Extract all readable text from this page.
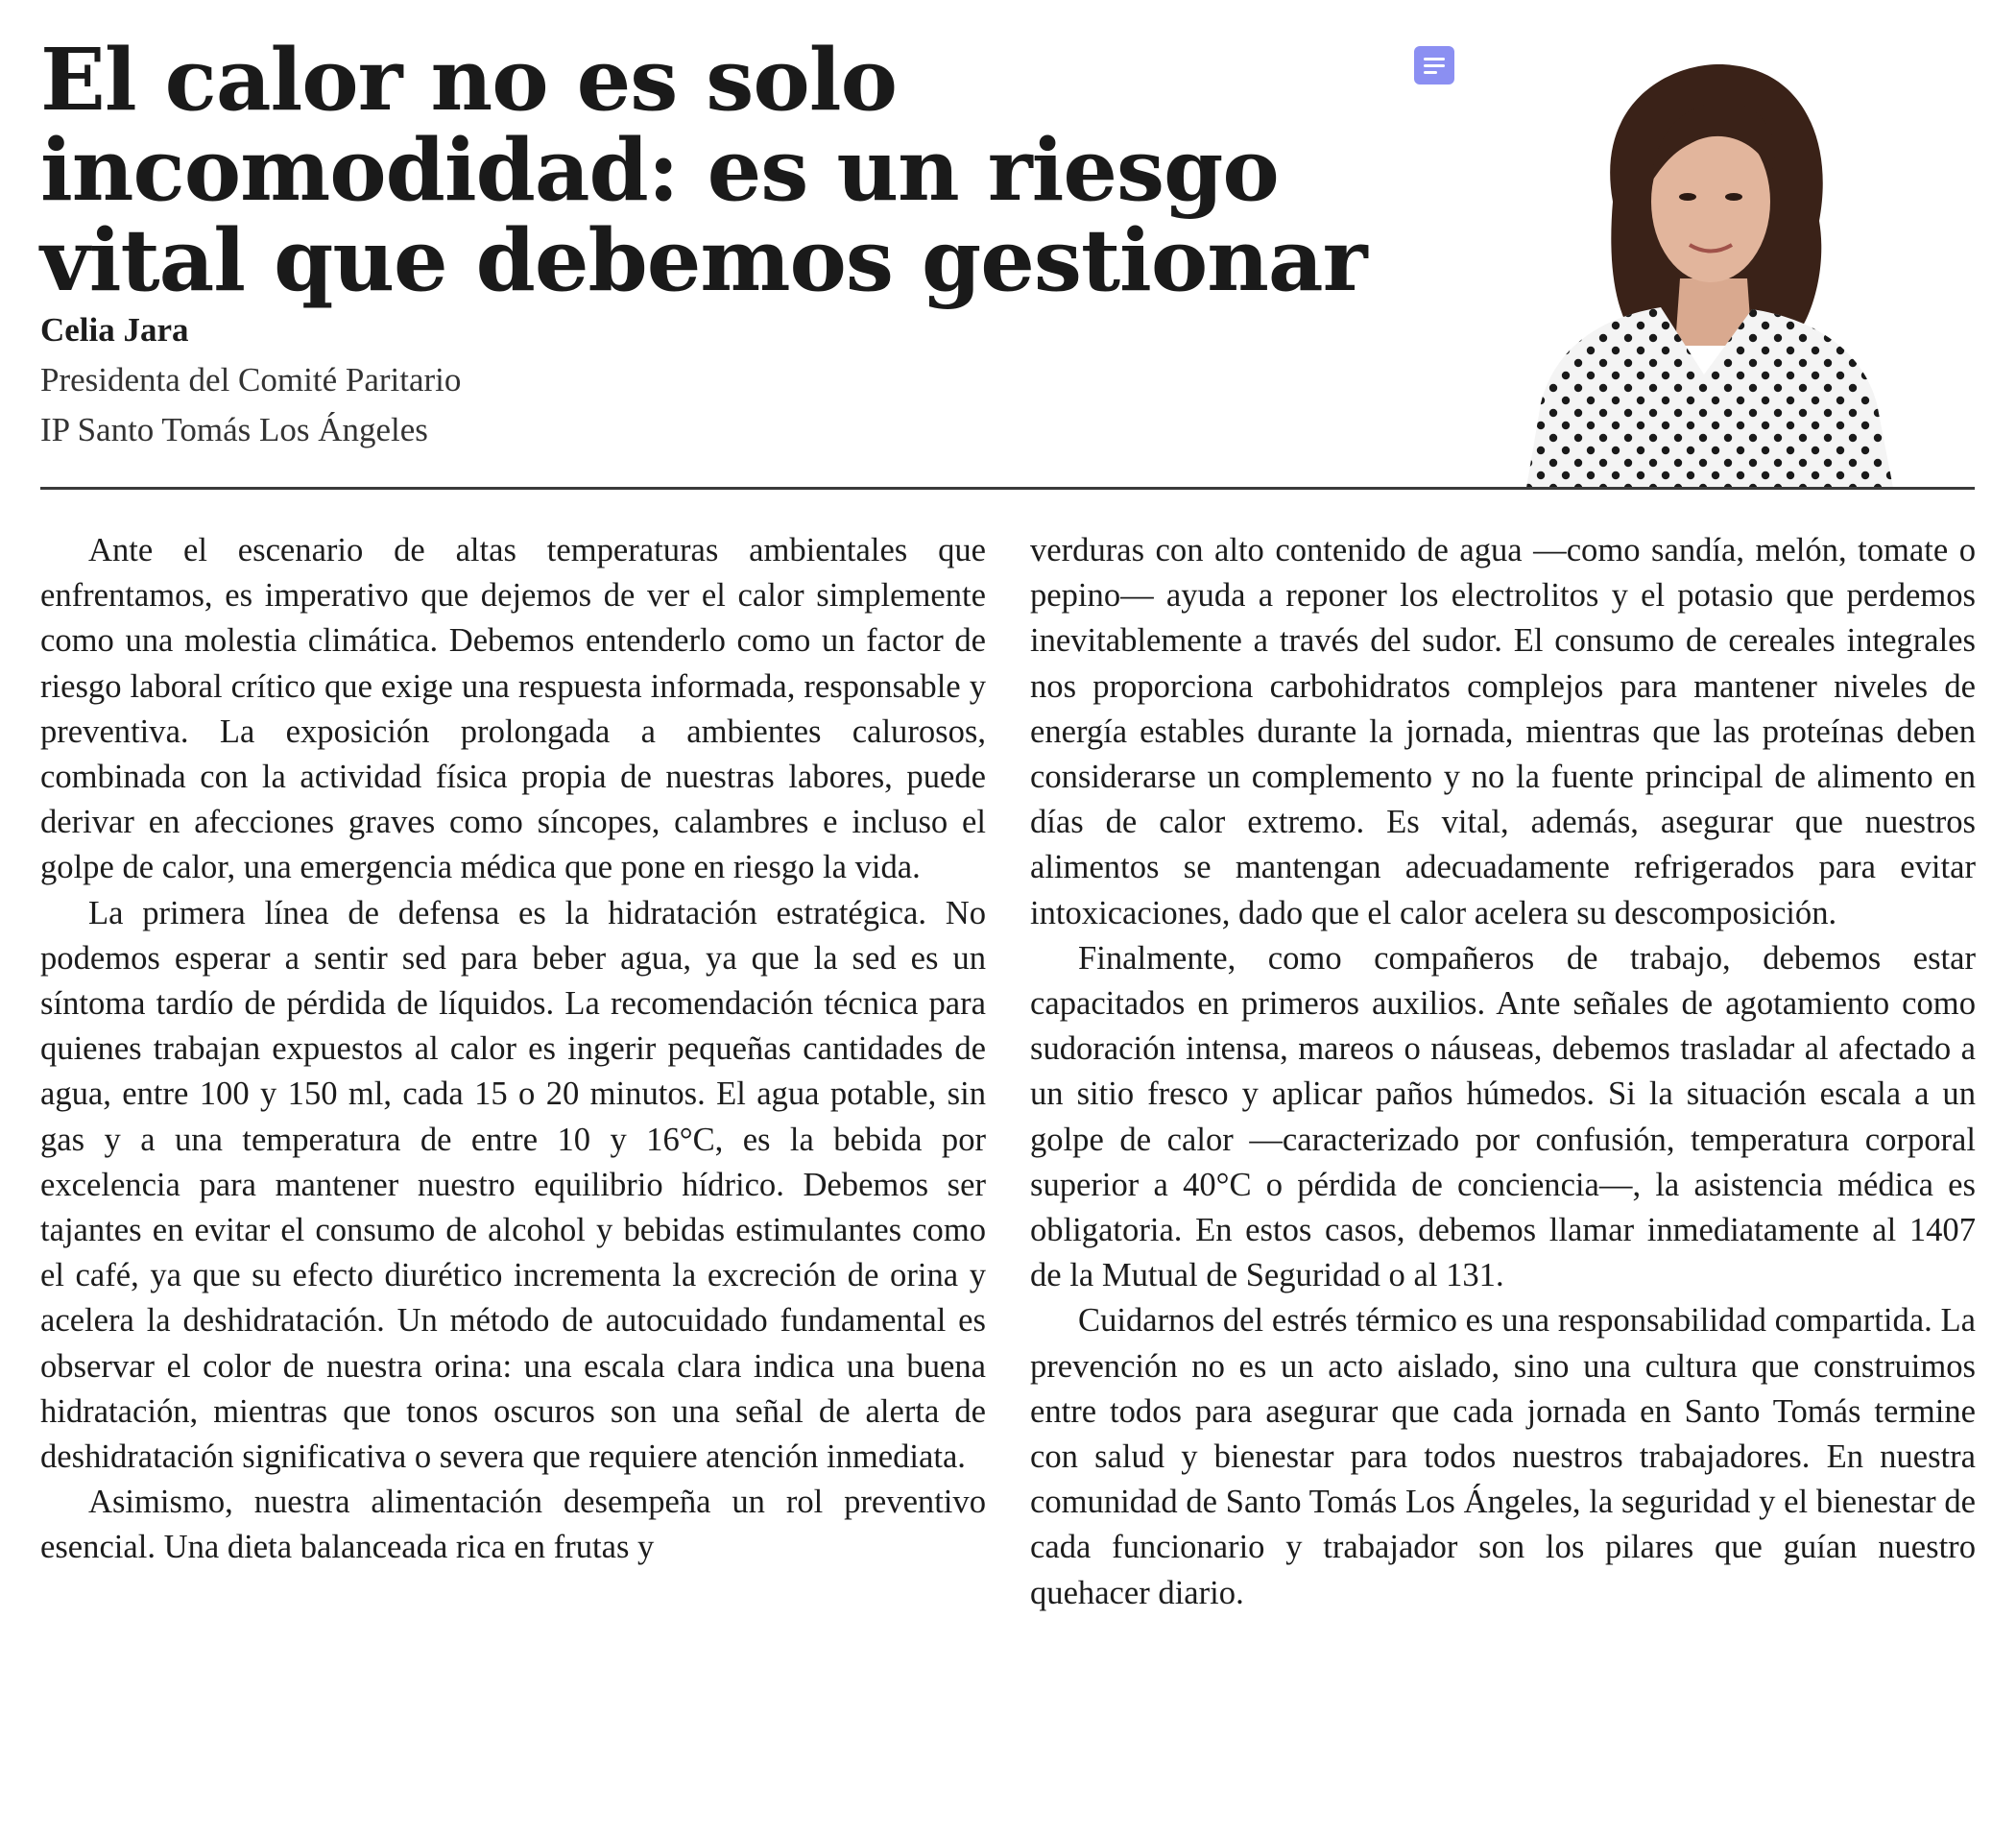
El calor no es solo incomodidad: es un riesgo vital que debemos gestionar
Celia Jara
Presidenta del Comité Paritario
IP Santo Tomás Los Ángeles

Ante el escenario de altas temperaturas ambientales que enfrentamos, es imperativo que dejemos de ver el calor simplemente como una molestia climática. Debemos entenderlo como un factor de riesgo laboral crítico que exige una respuesta informada, responsable y preventiva. La exposición prolongada a ambientes calurosos, combinada con la actividad física propia de nuestras labores, puede derivar en afecciones graves como síncopes, calambres e incluso el golpe de calor, una emergencia médica que pone en riesgo la vida.

La primera línea de defensa es la hidratación estratégica. No podemos esperar a sentir sed para beber agua, ya que la sed es un síntoma tardío de pérdida de líquidos. La recomendación técnica para quienes trabajan expuestos al calor es ingerir pequeñas cantidades de agua, entre 100 y 150 ml, cada 15 o 20 minutos. El agua potable, sin gas y a una temperatura de entre 10 y 16°C, es la bebida por excelencia para mantener nuestro equilibrio hídrico. Debemos ser tajantes en evitar el consumo de alcohol y bebidas estimulantes como el café, ya que su efecto diurético incrementa la excreción de orina y acelera la deshidratación. Un método de autocuidado fundamental es observar el color de nuestra orina: una escala clara indica una buena hidratación, mientras que tonos oscuros son una señal de alerta de deshidratación significativa o severa que requiere atención inmediata.

Asimismo, nuestra alimentación desempeña un rol preventivo esencial. Una dieta balanceada rica en frutas y

verduras con alto contenido de agua —como sandía, melón, tomate o pepino— ayuda a reponer los electrolitos y el potasio que perdemos inevitablemente a través del sudor. El consumo de cereales integrales nos proporciona carbohidratos complejos para mantener niveles de energía estables durante la jornada, mientras que las proteínas deben considerarse un complemento y no la fuente principal de alimento en días de calor extremo. Es vital, además, asegurar que nuestros alimentos se mantengan adecuadamente refrigerados para evitar intoxicaciones, dado que el calor acelera su descomposición.

Finalmente, como compañeros de trabajo, debemos estar capacitados en primeros auxilios. Ante señales de agotamiento como sudoración intensa, mareos o náuseas, debemos trasladar al afectado a un sitio fresco y aplicar paños húmedos. Si la situación escala a un golpe de calor —caracterizado por confusión, temperatura corporal superior a 40°C o pérdida de conciencia—, la asistencia médica es obligatoria. En estos casos, debemos llamar inmediatamente al 1407 de la Mutual de Seguridad o al 131.

Cuidarnos del estrés térmico es una responsabilidad compartida. La prevención no es un acto aislado, sino una cultura que construimos entre todos para asegurar que cada jornada en Santo Tomás termine con salud y bienestar para todos nuestros trabajadores. En nuestra comunidad de Santo Tomás Los Ángeles, la seguridad y el bienestar de cada funcionario y trabajador son los pilares que guían nuestro quehacer diario.
